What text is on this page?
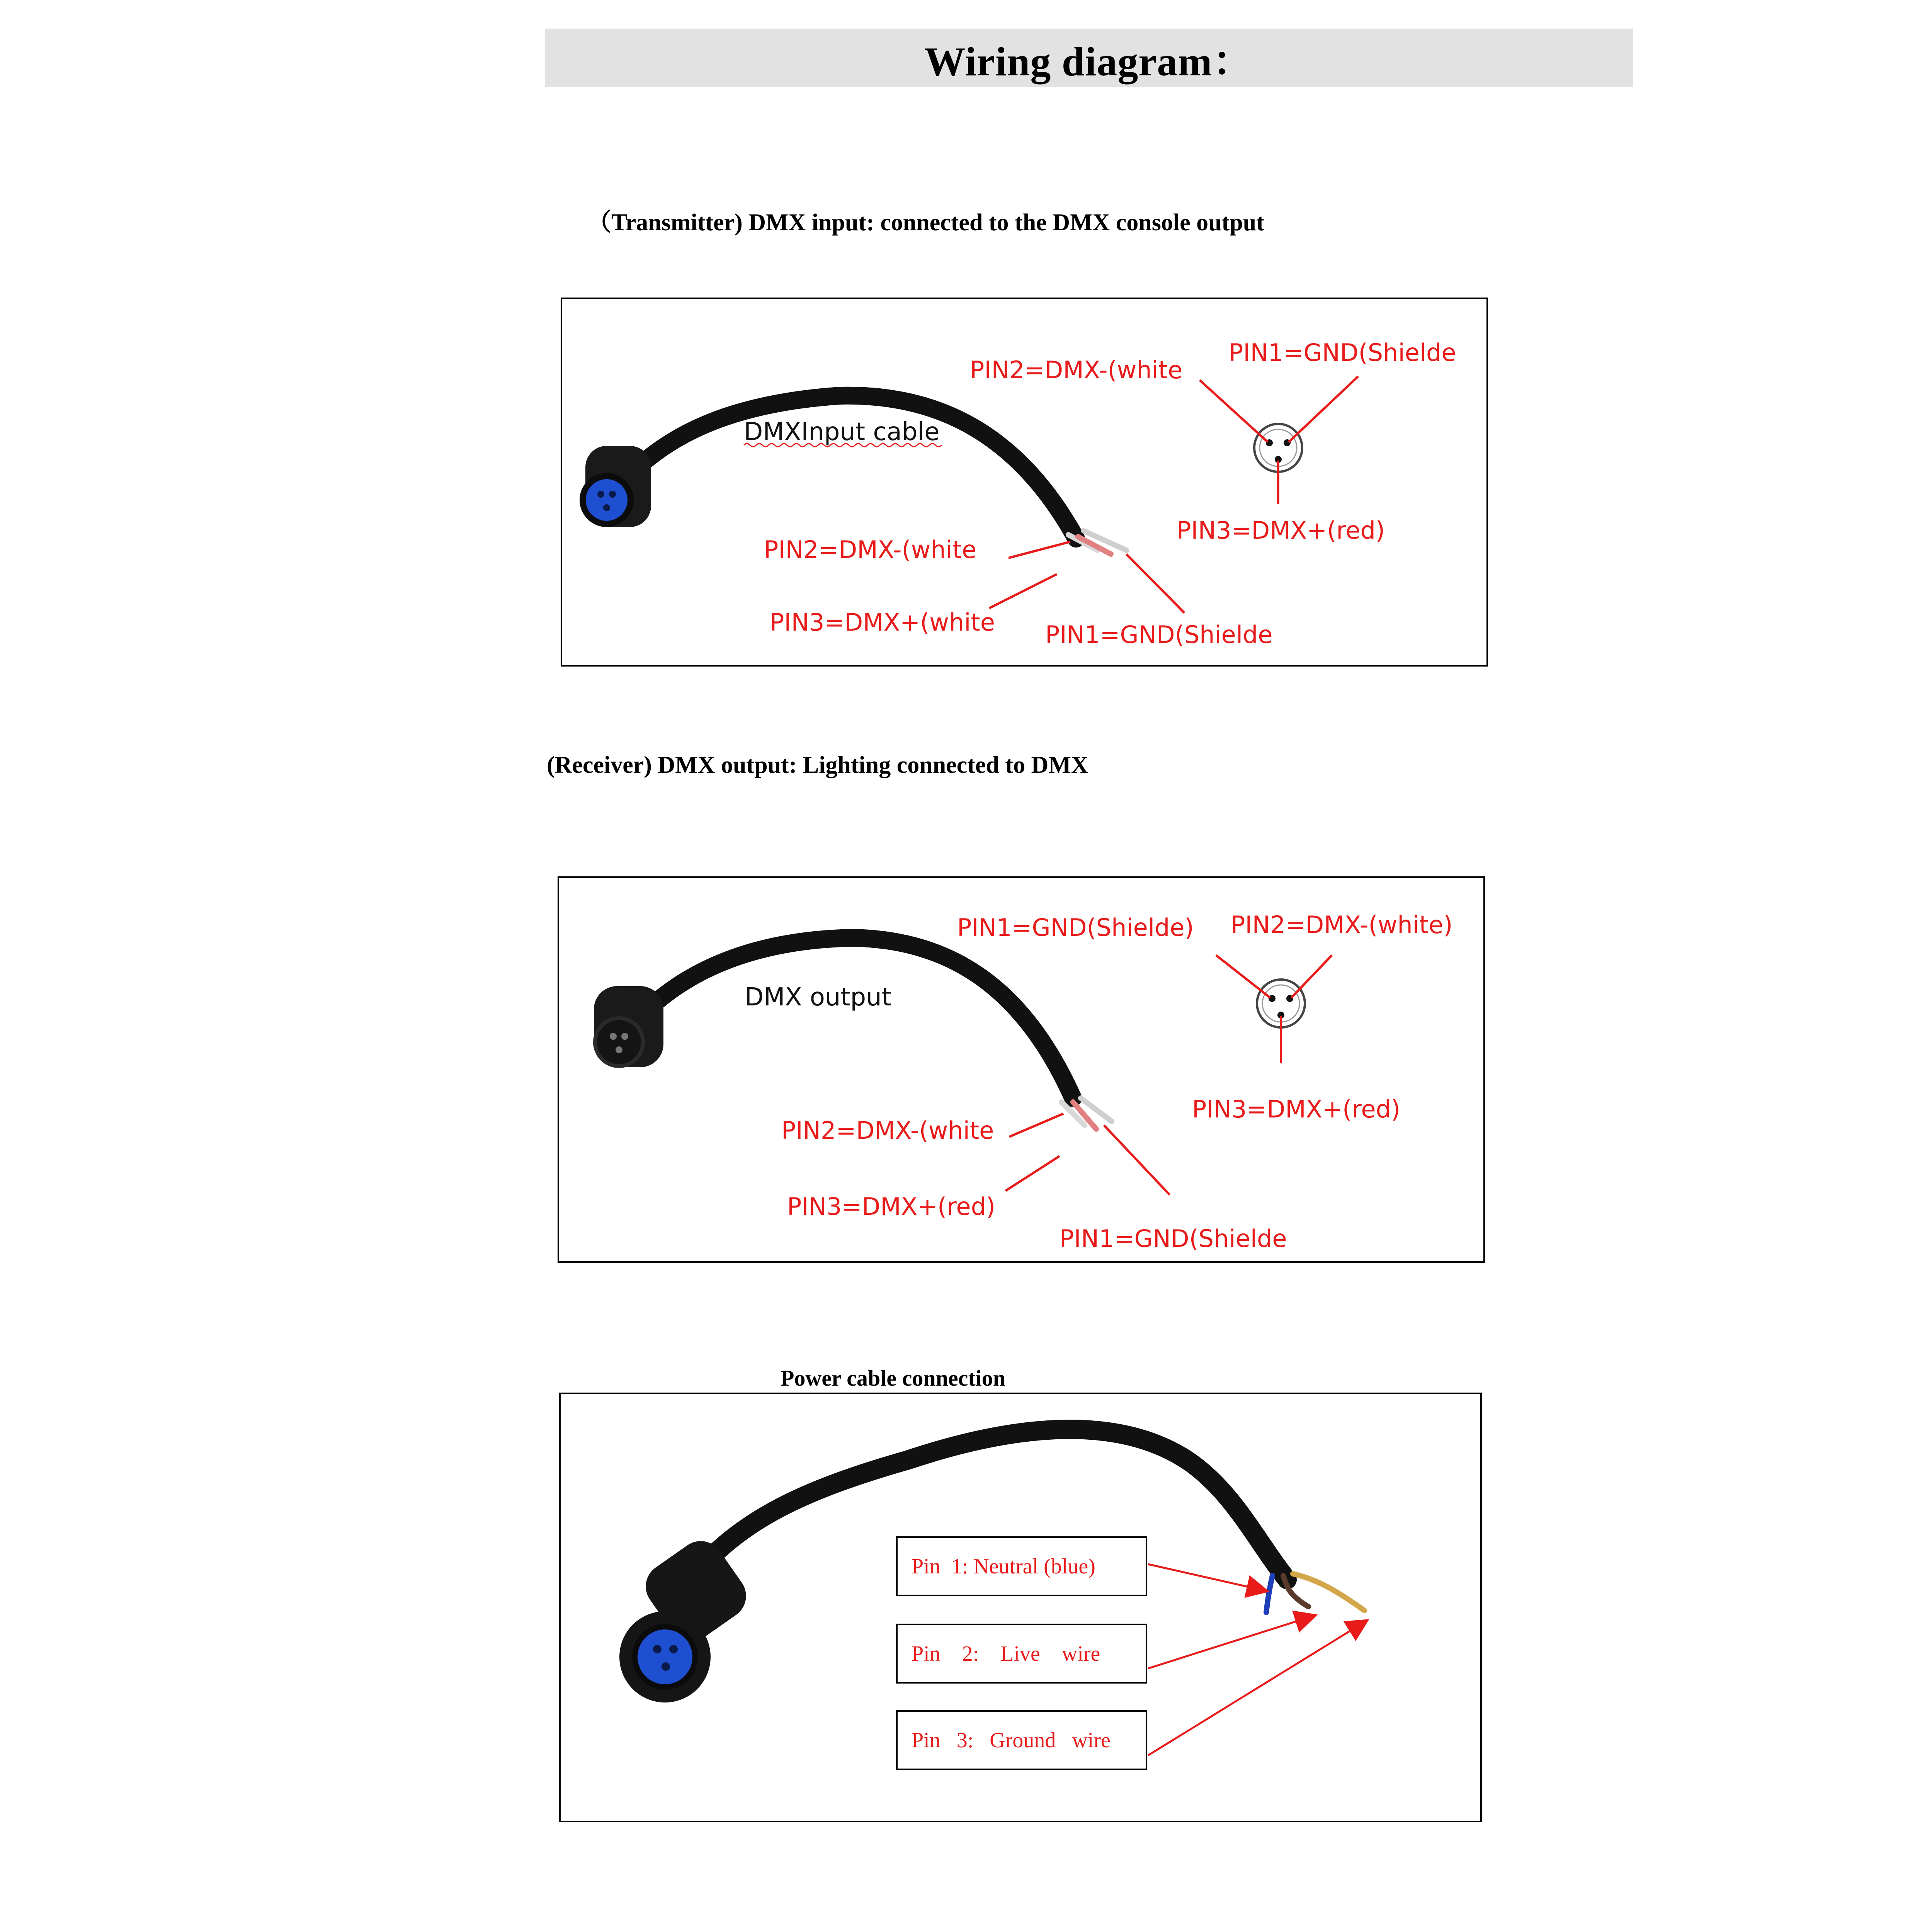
Wiring diagram：

（Transmitter) DMX input: connected to the DMX console output

DMXInput cable
PIN2=DMX-(white
PIN1=GND(Shielde
PIN3=DMX+(red)
PIN2=DMX-(white
PIN3=DMX+(white PIN1=GND(Shielde

(Receiver) DMX output: Lighting connected to DMX

DMX output
PIN1=GND(Shielde) PIN2=DMX-(white)
PIN3=DMX+(red)
PIN2=DMX-(white
PIN3=DMX+(red)
PIN1=GND(Shielde

Power cable connection

Pin  1: Neutral (blue)
Pin    2:    Live    wire
Pin   3:   Ground   wire
